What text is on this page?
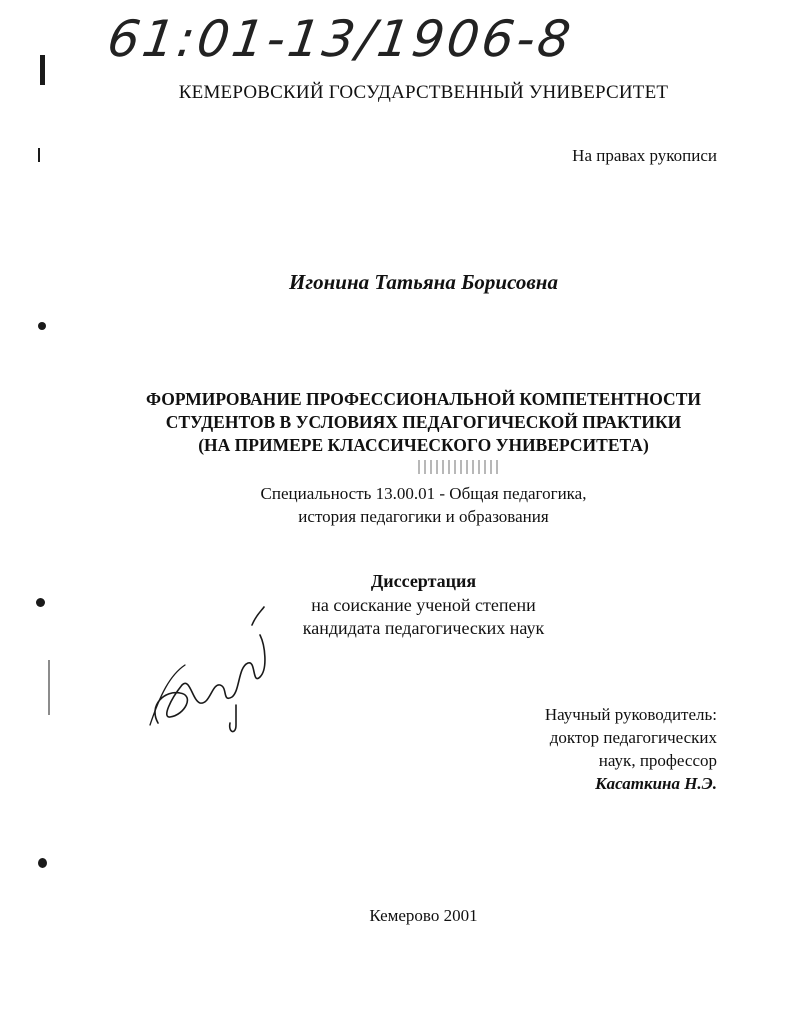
61:01-13/1906-8
КЕМЕРОВСКИЙ ГОСУДАРСТВЕННЫЙ УНИВЕРСИТЕТ
На правах рукописи
Игонина Татьяна Борисовна
ФОРМИРОВАНИЕ ПРОФЕССИОНАЛЬНОЙ КОМПЕТЕНТНОСТИ
СТУДЕНТОВ В УСЛОВИЯХ ПЕДАГОГИЧЕСКОЙ ПРАКТИКИ
(НА ПРИМЕРЕ КЛАССИЧЕСКОГО УНИВЕРСИТЕТА)
Специальность 13.00.01 - Общая педагогика,
история педагогики и образования
Диссертация
на соискание ученой степени
кандидата педагогических наук
Научный руководитель:
доктор педагогических
наук, профессор
Касаткина Н.Э.
Кемерово 2001
